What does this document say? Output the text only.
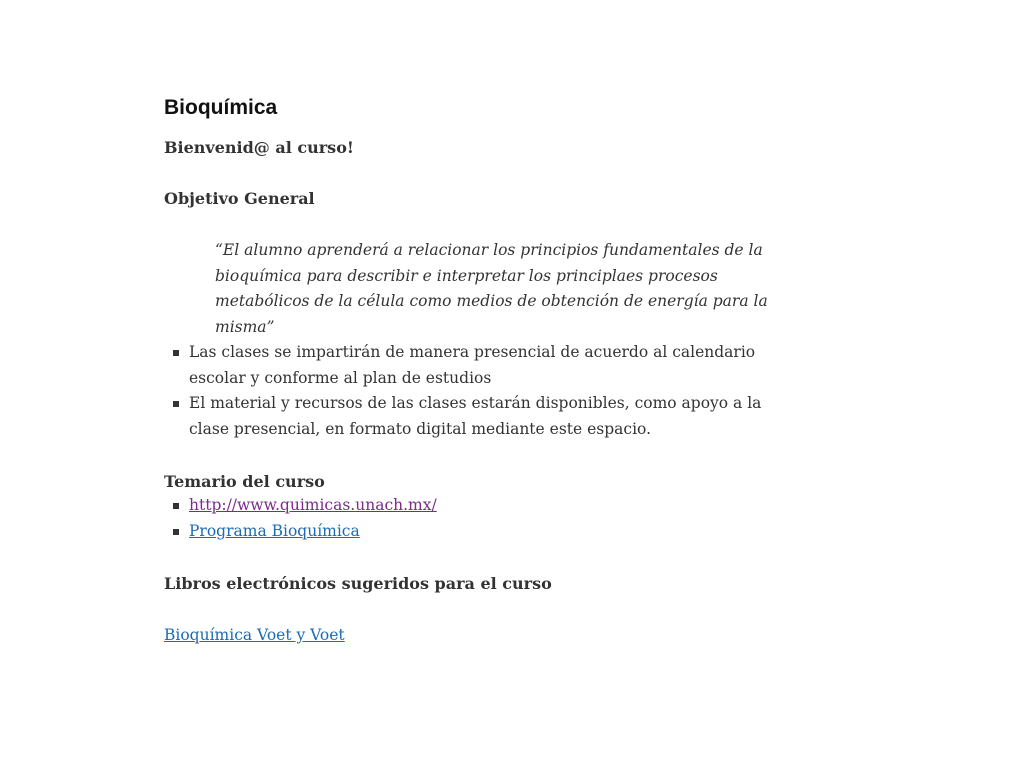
Bioquímica
Bienvenid@ al curso!
Objetivo General
“El alumno aprenderá a relacionar los principios fundamentales de la bioquímica para describir e interpretar los principlaes procesos metabólicos de la célula como medios de obtención de energía para la misma”
Las clases se impartirán de manera presencial de acuerdo al calendario escolar y conforme al plan de estudios
El material y recursos de las clases estarán disponibles, como apoyo a la clase presencial, en formato digital mediante este espacio.
Temario del curso
http://www.quimicas.unach.mx/
Programa Bioquímica
Libros electrónicos sugeridos para el curso
Bioquímica Voet y Voet
